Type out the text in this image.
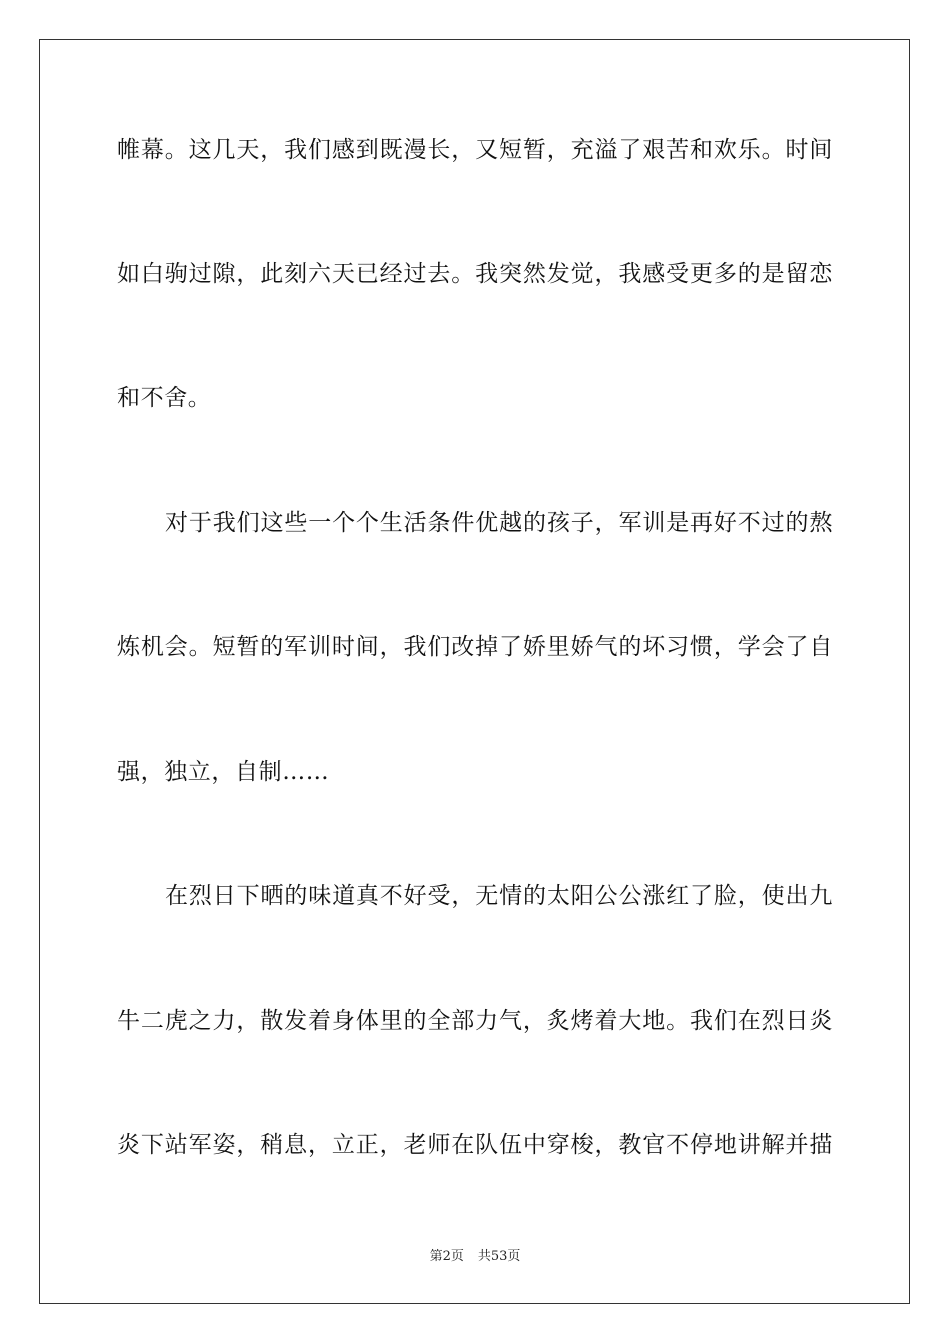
帷幕。这几天，我们感到既漫长，又短暂，充溢了艰苦和欢乐。时间
如白驹过隙，此刻六天已经过去。我突然发觉，我感受更多的是留恋
和不舍。
对于我们这些一个个生活条件优越的孩子，军训是再好不过的熬
炼机会。短暂的军训时间，我们改掉了娇里娇气的坏习惯，学会了自
强，独立，自制……
在烈日下晒的味道真不好受，无情的太阳公公涨红了脸，使出九
牛二虎之力，散发着身体里的全部力气，炙烤着大地。我们在烈日炎
炎下站军姿，稍息，立正，老师在队伍中穿梭，教官不停地讲解并描
第2页 共53页
